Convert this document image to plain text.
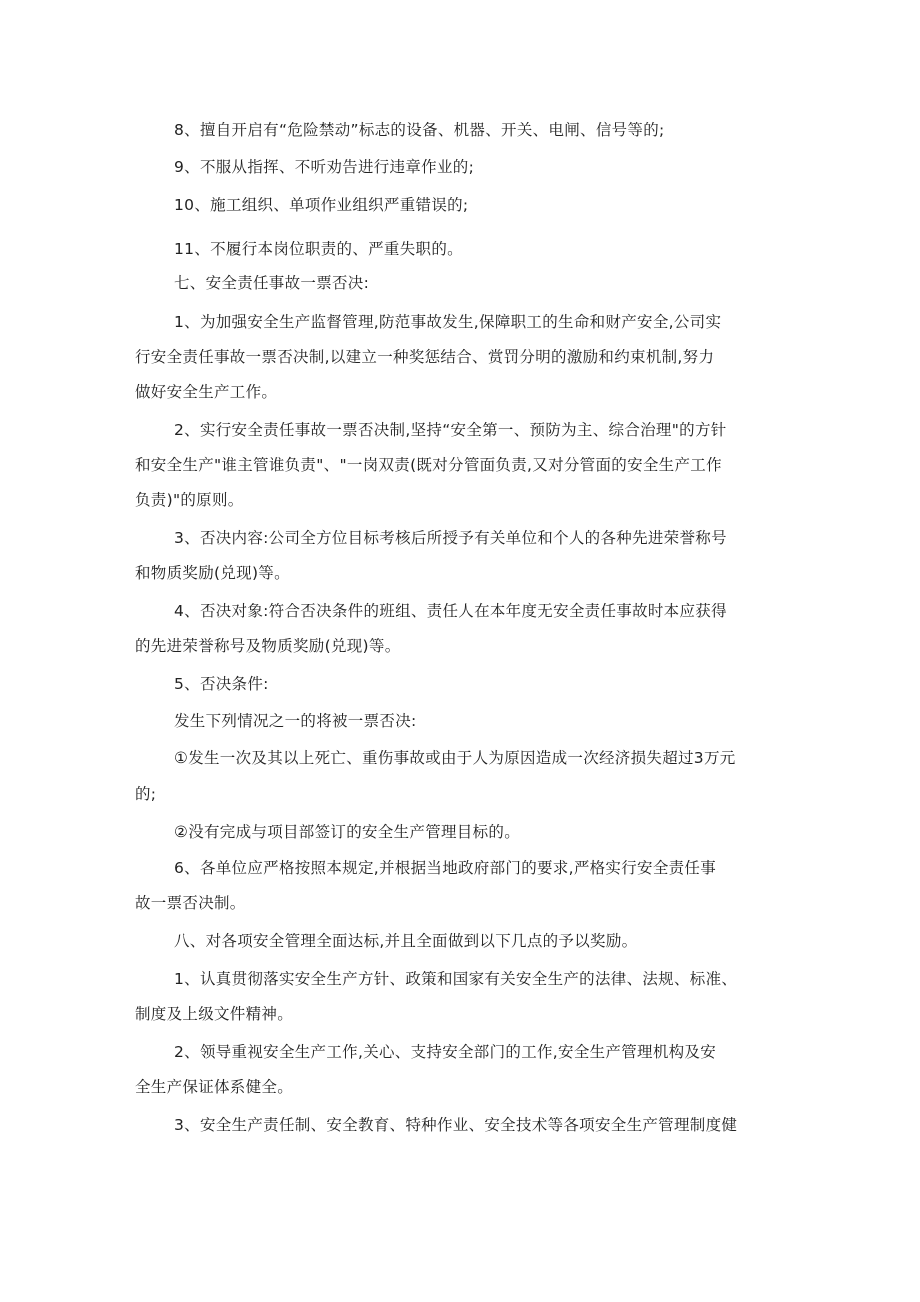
8、擅自开启有“危险禁动”标志的设备、机器、开关、电闸、信号等的;
9、不服从指挥、不听劝告进行违章作业的;
10、施工组织、单项作业组织严重错误的;
11、不履行本岗位职责的、严重失职的。
七、安全责任事故一票否决:
1、为加强安全生产监督管理,防范事故发生,保障职工的生命和财产安全,公司实
行安全责任事故一票否决制,以建立一种奖惩结合、赏罚分明的激励和约束机制,努力
做好安全生产工作。
2、实行安全责任事故一票否决制,坚持“安全第一、预防为主、综合治理"的方针
和安全生产"谁主管谁负责"、"一岗双责(既对分管面负责,又对分管面的安全生产工作
负责)"的原则。
3、否决内容:公司全方位目标考核后所授予有关单位和个人的各种先进荣誉称号
和物质奖励(兑现)等。
4、否决对象:符合否决条件的班组、责任人在本年度无安全责任事故时本应获得
的先进荣誉称号及物质奖励(兑现)等。
5、否决条件:
发生下列情况之一的将被一票否决:
①发生一次及其以上死亡、重伤事故或由于人为原因造成一次经济损失超过3万元
的;
②没有完成与项目部签订的安全生产管理目标的。
6、各单位应严格按照本规定,并根据当地政府部门的要求,严格实行安全责任事
故一票否决制。
八、对各项安全管理全面达标,并且全面做到以下几点的予以奖励。
1、认真贯彻落实安全生产方针、政策和国家有关安全生产的法律、法规、标准、
制度及上级文件精神。
2、领导重视安全生产工作,关心、支持安全部门的工作,安全生产管理机构及安
全生产保证体系健全。
3、安全生产责任制、安全教育、特种作业、安全技术等各项安全生产管理制度健
